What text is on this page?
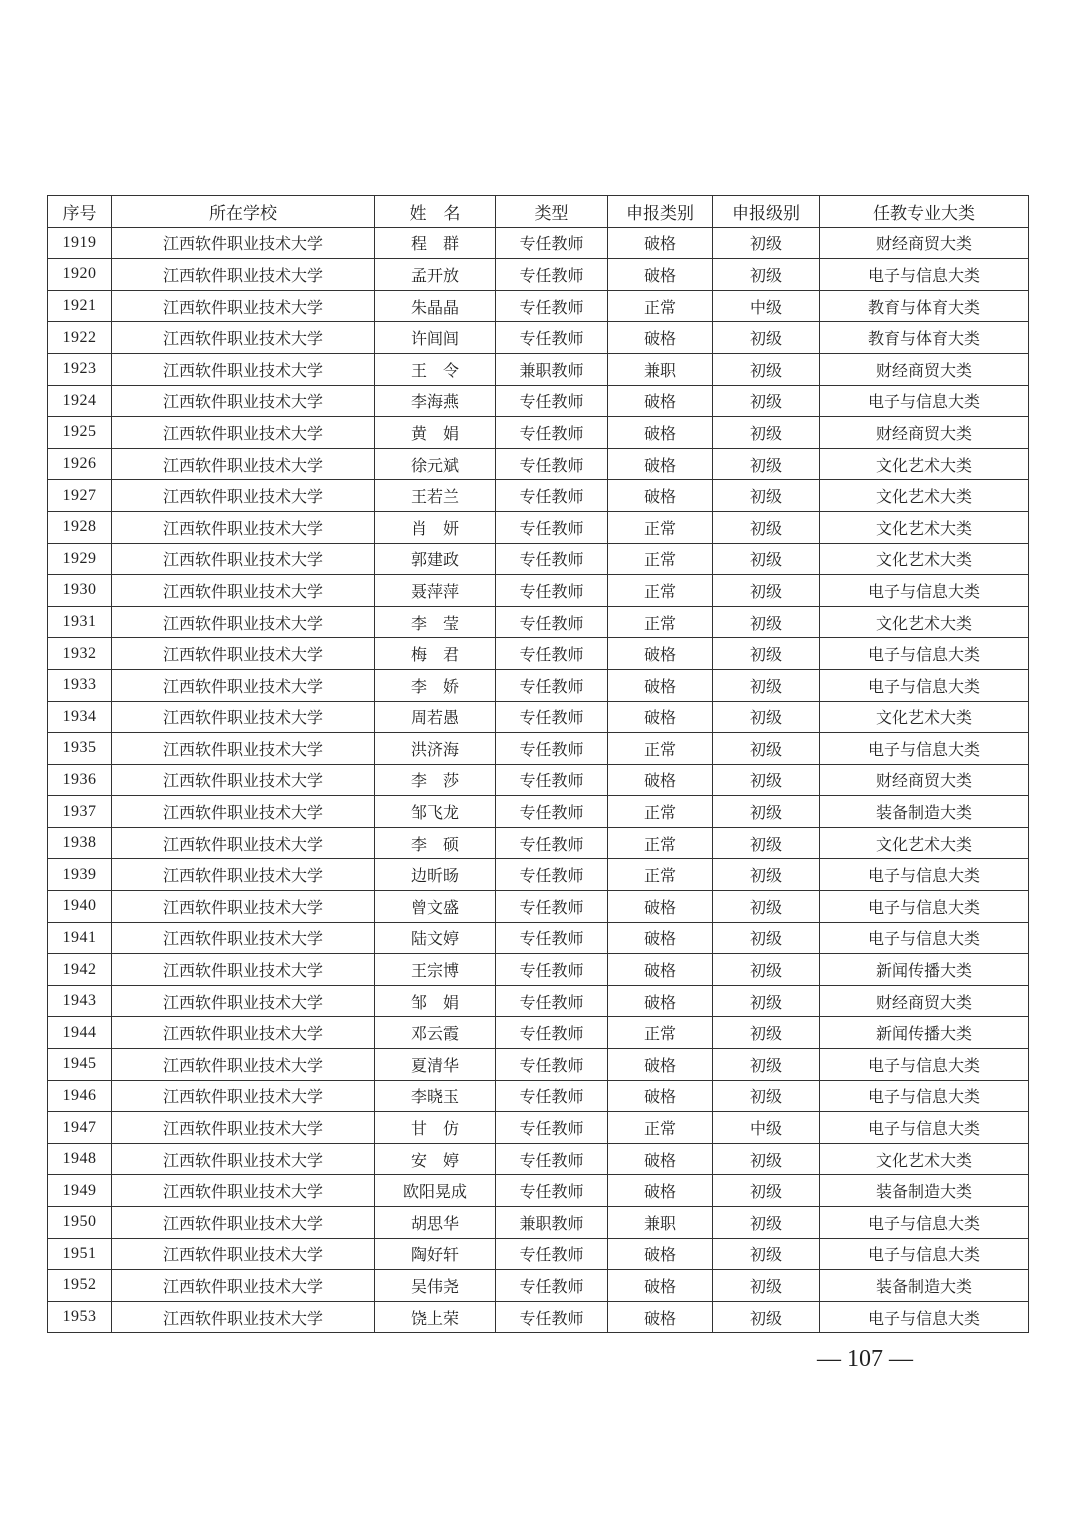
序号	所在学校	姓　名	类型	申报类别	申报级别	任教专业大类
1919	江西软件职业技术大学	程　群	专任教师	破格	初级	财经商贸大类
1920	江西软件职业技术大学	孟开放	专任教师	破格	初级	电子与信息大类
1921	江西软件职业技术大学	朱晶晶	专任教师	正常	中级	教育与体育大类
1922	江西软件职业技术大学	许闾闾	专任教师	破格	初级	教育与体育大类
1923	江西软件职业技术大学	王　令	兼职教师	兼职	初级	财经商贸大类
1924	江西软件职业技术大学	李海燕	专任教师	破格	初级	电子与信息大类
1925	江西软件职业技术大学	黄　娟	专任教师	破格	初级	财经商贸大类
1926	江西软件职业技术大学	徐元斌	专任教师	破格	初级	文化艺术大类
1927	江西软件职业技术大学	王若兰	专任教师	破格	初级	文化艺术大类
1928	江西软件职业技术大学	肖　妍	专任教师	正常	初级	文化艺术大类
1929	江西软件职业技术大学	郭建政	专任教师	正常	初级	文化艺术大类
1930	江西软件职业技术大学	聂萍萍	专任教师	正常	初级	电子与信息大类
1931	江西软件职业技术大学	李　莹	专任教师	正常	初级	文化艺术大类
1932	江西软件职业技术大学	梅　君	专任教师	破格	初级	电子与信息大类
1933	江西软件职业技术大学	李　娇	专任教师	破格	初级	电子与信息大类
1934	江西软件职业技术大学	周若愚	专任教师	破格	初级	文化艺术大类
1935	江西软件职业技术大学	洪济海	专任教师	正常	初级	电子与信息大类
1936	江西软件职业技术大学	李　莎	专任教师	破格	初级	财经商贸大类
1937	江西软件职业技术大学	邹飞龙	专任教师	正常	初级	装备制造大类
1938	江西软件职业技术大学	李　硕	专任教师	正常	初级	文化艺术大类
1939	江西软件职业技术大学	边昕旸	专任教师	正常	初级	电子与信息大类
1940	江西软件职业技术大学	曾文盛	专任教师	破格	初级	电子与信息大类
1941	江西软件职业技术大学	陆文婷	专任教师	破格	初级	电子与信息大类
1942	江西软件职业技术大学	王宗博	专任教师	破格	初级	新闻传播大类
1943	江西软件职业技术大学	邹　娟	专任教师	破格	初级	财经商贸大类
1944	江西软件职业技术大学	邓云霞	专任教师	正常	初级	新闻传播大类
1945	江西软件职业技术大学	夏清华	专任教师	破格	初级	电子与信息大类
1946	江西软件职业技术大学	李晓玉	专任教师	破格	初级	电子与信息大类
1947	江西软件职业技术大学	甘　仿	专任教师	正常	中级	电子与信息大类
1948	江西软件职业技术大学	安　婷	专任教师	破格	初级	文化艺术大类
1949	江西软件职业技术大学	欧阳晃成	专任教师	破格	初级	装备制造大类
1950	江西软件职业技术大学	胡思华	兼职教师	兼职	初级	电子与信息大类
1951	江西软件职业技术大学	陶好轩	专任教师	破格	初级	电子与信息大类
1952	江西软件职业技术大学	吴伟尧	专任教师	破格	初级	装备制造大类
1953	江西软件职业技术大学	饶上荣	专任教师	破格	初级	电子与信息大类
— 107 —
